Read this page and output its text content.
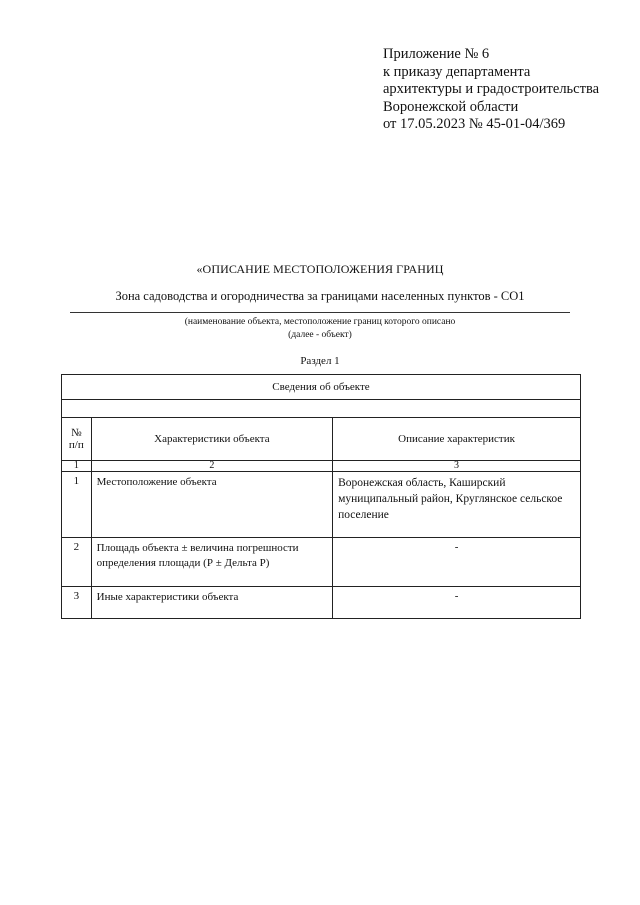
Приложение № 6
к приказу департамента
архитектуры и градостроительства
Воронежской области
от 17.05.2023 № 45-01-04/369
«ОПИСАНИЕ МЕСТОПОЛОЖЕНИЯ ГРАНИЦ
Зона садоводства и огородничества за границами населенных пунктов - СО1
(наименование объекта, местоположение границ которого описано
(далее - объект)
Раздел 1
Сведения об объекте		

№ п/п	Характеристики объекта	Описание характеристик
1	2	3
1	Местоположение объекта	Воронежская область, Каширский муниципальный район, Круглянское сельское поселение
2	Площадь объекта ± величина погрешности определения площади (Р ± Дельта Р)	-
3	Иные характеристики объекта	-
